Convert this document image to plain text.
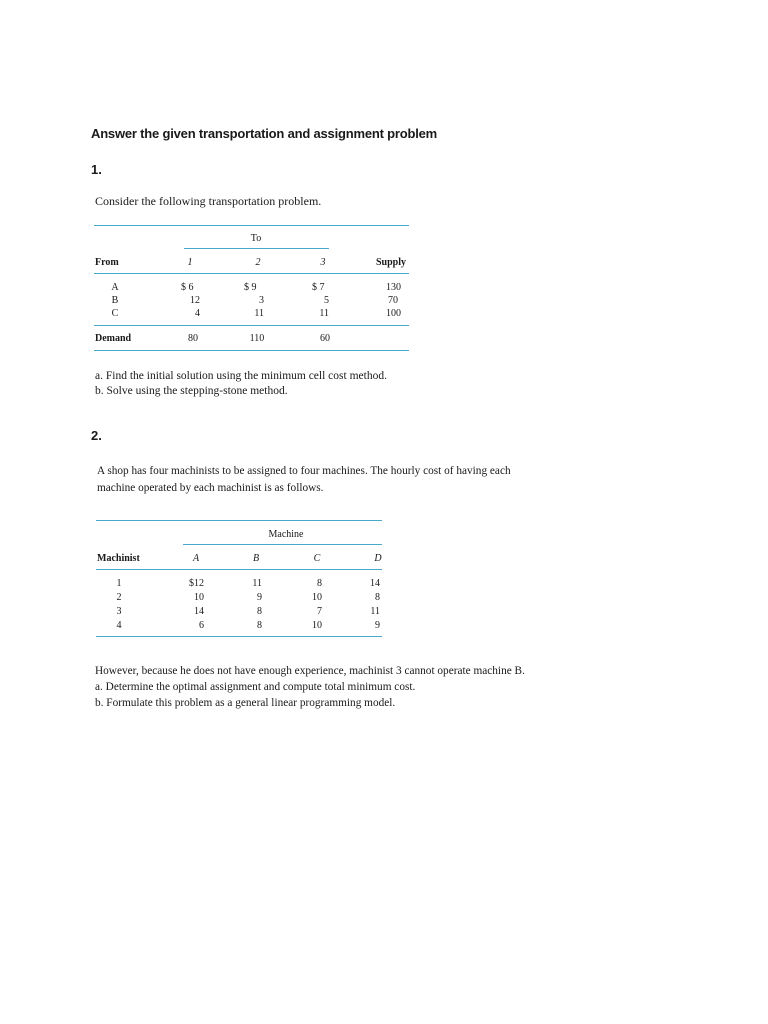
Answer the given transportation and assignment problem
1.
Consider the following transportation problem.
To
From	1	2	3	Supply
A	$ 6	$ 9	$ 7	130
B	12	3	5	70
C	4	11	11	100
Demand	80	110	60
a. Find the initial solution using the minimum cell cost method.
b. Solve using the stepping-stone method.
2.
A shop has four machinists to be assigned to four machines. The hourly cost of having each
machine operated by each machinist is as follows.
Machine
Machinist	A	B	C	D
1	$12	11	8	14
2	10	9	10	8
3	14	8	7	11
4	6	8	10	9
However, because he does not have enough experience, machinist 3 cannot operate machine B.
a. Determine the optimal assignment and compute total minimum cost.
b. Formulate this problem as a general linear programming model.
